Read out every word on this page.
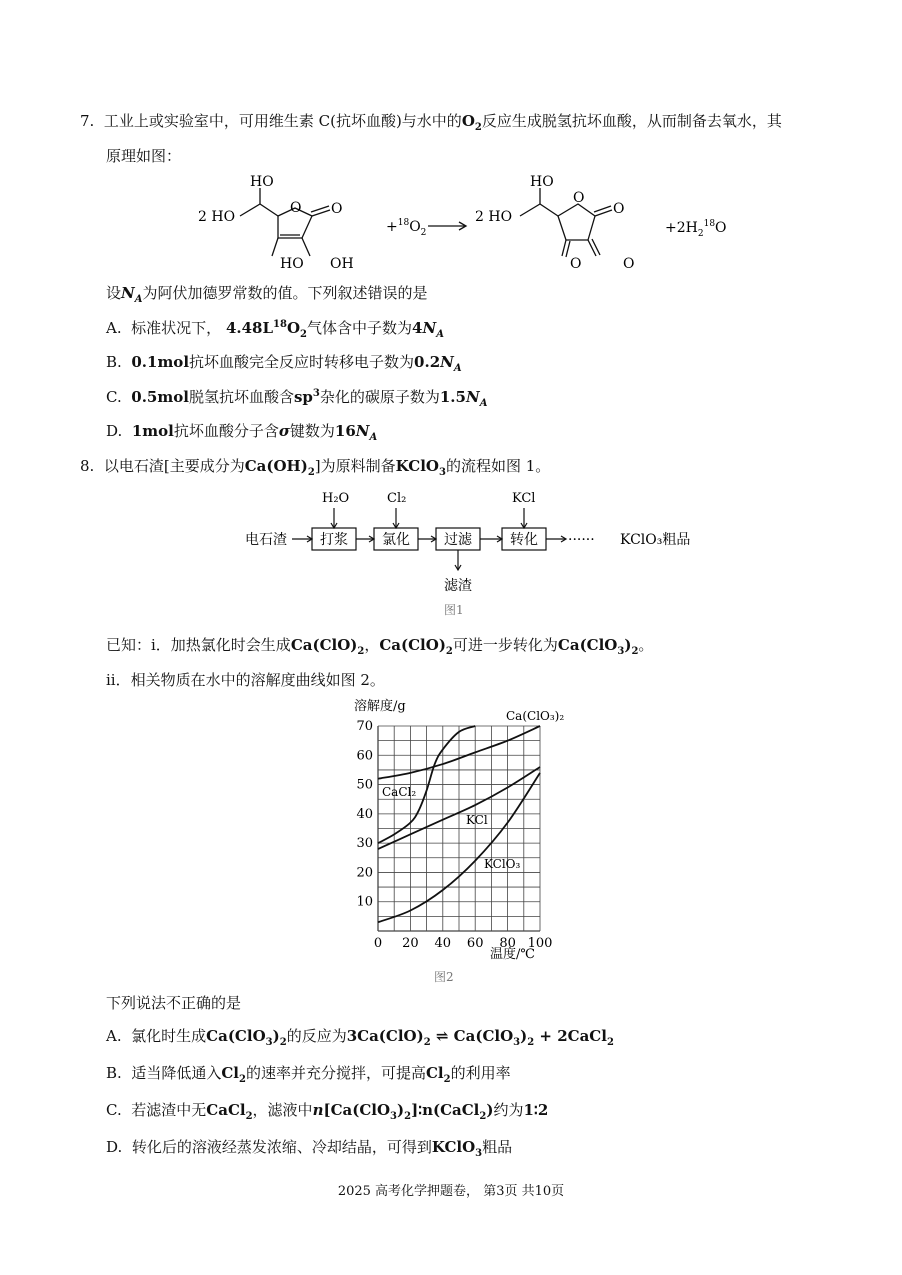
7. 工业上或实验室中，可用维生素 C(抗坏血酸)与水中的$O_2$反应生成脱氢抗坏血酸，从而制备去氧水，其
原理如图：
HO
2 HO
O O
HO OH
$+^{18}O_2$
HO
2 HO
O
O
O	O
$+2H_2^{18}O$
设$N_A$为阿伏加德罗常数的值。下列叙述错误的是
A. 标准状况下， $4.48L^{18}O_2$气体含中子数为$4N_A$
B. 0.1mol抗坏血酸完全反应时转移电子数为$0.2N_A$
C. 0.5mol脱氢抗坏血酸含$sp^3$杂化的碳原子数为$1.5N_A$
D. 1mol抗坏血酸分子含σ键数为$16N_A$
8. 以电石渣[主要成分为$Ca(OH)_2$]为原料制备KClO$_3$的流程如图 1。
电石渣 打浆 氯化 过滤	转化
H₂O	Cl₂	KCl
滤渣
······ KClO₃粗品
图1
已知：i．加热氯化时会生成$Ca(ClO)_2$，$Ca(ClO)_2$可进一步转化为$Ca(ClO_3)_2$。
ii．相关物质在水中的溶解度曲线如图 2。
0 20 40 60 80 100
10
20
30
40
50
60
70
溶解度/g
温度/℃
Ca(ClO₃)₂
CaCl₂
KCl
KClO₃
图2
下列说法不正确的是
A. 氯化时生成$Ca(ClO_3)_2$的反应为$3Ca(ClO)_2$ ⇌ $Ca(ClO_3)_2$ + 2CaCl$_2$
B. 适当降低通入$Cl_2$的速率并充分搅拌，可提高$Cl_2$的利用率
C. 若滤渣中无CaCl$_2$，滤液中$n[Ca(ClO_3)_2]∶n(CaCl_2)$约为1∶2
D. 转化后的溶液经蒸发浓缩、冷却结晶，可得到KClO$_3$粗品
2025 高考化学押题卷， 第3页 共10页
